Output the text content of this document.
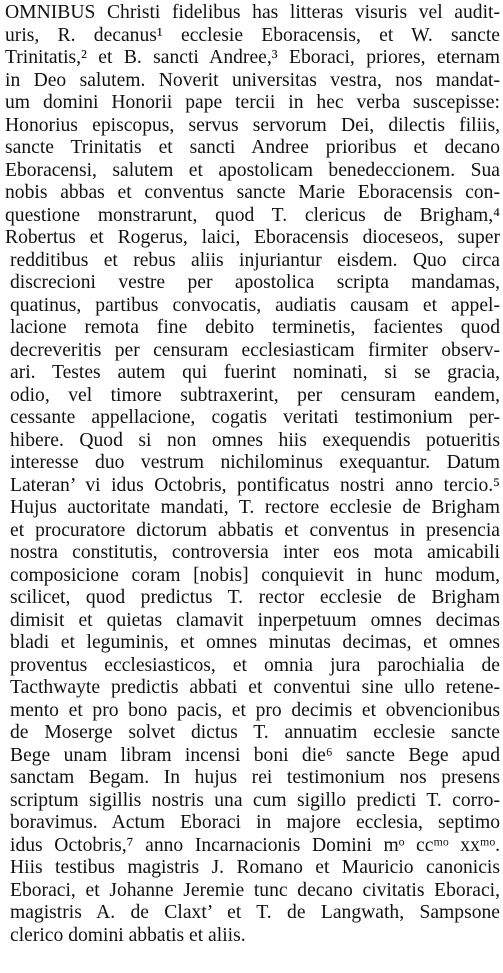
OMNIBUS Christi fidelibus has litteras visuris vel audit-
uris, R. decanus¹ ecclesie Eboracensis, et W. sancte
Trinitatis,² et B. sancti Andree,³ Eboraci, priores, eternam
in Deo salutem. Noverit universitas vestra, nos mandat-
um domini Honorii pape tercii in hec verba suscepisse:
Honorius episcopus, servus servorum Dei, dilectis filiis,
sancte Trinitatis et sancti Andree prioribus et decano
Eboracensi, salutem et apostolicam benedeccionem. Sua
nobis abbas et conventus sancte Marie Eboracensis con-
questione monstrarunt, quod T. clericus de Brigham,⁴
Robertus et Rogerus, laici, Eboracensis dioceseos, super
redditibus et rebus aliis injuriantur eisdem. Quo circa
discrecioni vestre per apostolica scripta mandamas,
quatinus, partibus convocatis, audiatis causam et appel-
lacione remota fine debito terminetis, facientes quod
decreveritis per censuram ecclesiasticam firmiter observ-
ari. Testes autem qui fuerint nominati, si se gracia,
odio, vel timore subtraxerint, per censuram eandem,
cessante appellacione, cogatis veritati testimonium per-
hibere. Quod si non omnes hiis exequendis potueritis
interesse duo vestrum nichilominus exequantur. Datum
Lateran’ vi idus Octobris, pontificatus nostri anno tercio.⁵
Hujus auctoritate mandati, T. rectore ecclesie de Brigham
et procuratore dictorum abbatis et conventus in presencia
nostra constitutis, controversia inter eos mota amicabili
composicione coram [nobis] conquievit in hunc modum,
scilicet, quod predictus T. rector ecclesie de Brigham
dimisit et quietas clamavit inperpetuum omnes decimas
bladi et leguminis, et omnes minutas decimas, et omnes
proventus ecclesiasticos, et omnia jura parochialia de
Tacthwayte predictis abbati et conventui sine ullo retene-
mento et pro bono pacis, et pro decimis et obvencionibus
de Moserge solvet dictus T. annuatim ecclesie sancte
Bege unam libram incensi boni die⁶ sancte Bege apud
sanctam Begam. In hujus rei testimonium nos presens
scriptum sigillis nostris una cum sigillo predicti T. corro-
boravimus. Actum Eboraci in majore ecclesia, septimo
idus Octobris,⁷ anno Incarnacionis Domini mᵒ ccᵐᵒ xxᵐᵒ.
Hiis testibus magistris J. Romano et Mauricio canonicis
Eboraci, et Johanne Jeremie tunc decano civitatis Eboraci,
magistris A. de Claxt’ et T. de Langwath, Sampsone
clerico domini abbatis et aliis.
